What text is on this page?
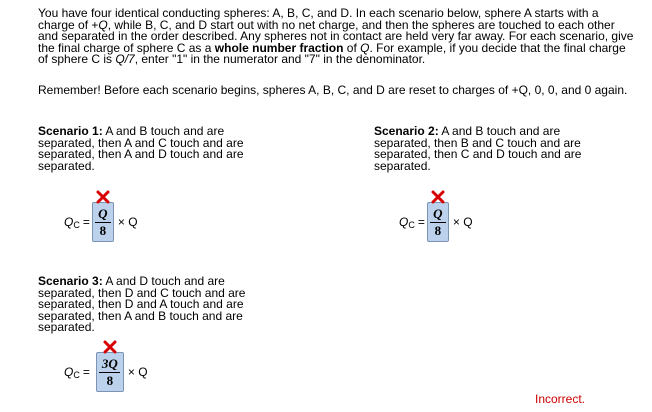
You have four identical conducting spheres: A, B, C, and D. In each scenario below, sphere A starts with a charge of +Q, while B, C, and D start out with no net charge, and then the spheres are touched to each other and separated in the order described. Any spheres not in contact are held very far away. For each scenario, give the final charge of sphere C as a whole number fraction of Q. For example, if you decide that the final charge of sphere C is Q/7, enter "1" in the numerator and "7" in the denominator.

Remember! Before each scenario begins, spheres A, B, C, and D are reset to charges of +Q, 0, 0, and 0 again.
Scenario 1: A and B touch and are separated, then A and C touch and are separated, then A and D touch and are separated.
$Q_C = \frac{Q}{8} \times Q$
Scenario 2: A and B touch and are separated, then B and C touch and are separated, then C and D touch and are separated.
$Q_C = \frac{Q}{8} \times Q$
Scenario 3: A and D touch and are separated, then D and C touch and are separated, then D and A touch and are separated, then A and B touch and are separated.
$Q_C = \frac{3Q}{8} \times Q$
Incorrect.
